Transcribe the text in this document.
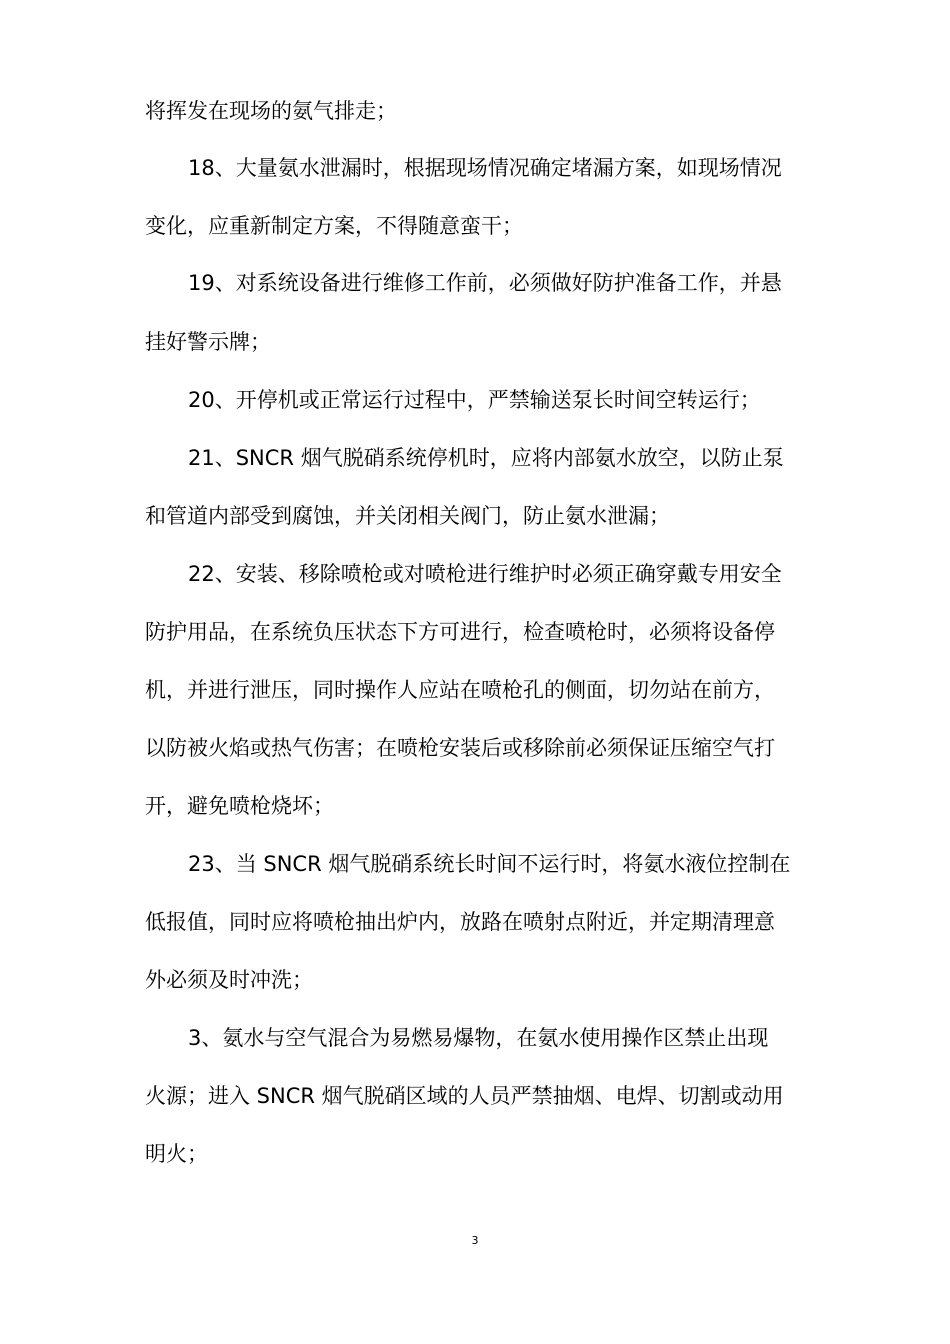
将挥发在现场的氨气排走；
18、大量氨水泄漏时，根据现场情况确定堵漏方案，如现场情况
变化，应重新制定方案，不得随意蛮干；
19、对系统设备进行维修工作前，必须做好防护准备工作，并悬
挂好警示牌；
20、开停机或正常运行过程中，严禁输送泵长时间空转运行；
21、SNCR 烟气脱硝系统停机时，应将内部氨水放空，以防止泵
和管道内部受到腐蚀，并关闭相关阀门，防止氨水泄漏；
22、安装、移除喷枪或对喷枪进行维护时必须正确穿戴专用安全
防护用品，在系统负压状态下方可进行，检查喷枪时，必须将设备停
机，并进行泄压，同时操作人应站在喷枪孔的侧面，切勿站在前方，
以防被火焰或热气伤害；在喷枪安装后或移除前必须保证压缩空气打
开，避免喷枪烧坏；
23、当 SNCR 烟气脱硝系统长时间不运行时，将氨水液位控制在
低报值，同时应将喷枪抽出炉内，放路在喷射点附近，并定期清理意
外必须及时冲洗；
3、氨水与空气混合为易燃易爆物，在氨水使用操作区禁止出现
火源；进入 SNCR 烟气脱硝区域的人员严禁抽烟、电焊、切割或动用
明火；
3
